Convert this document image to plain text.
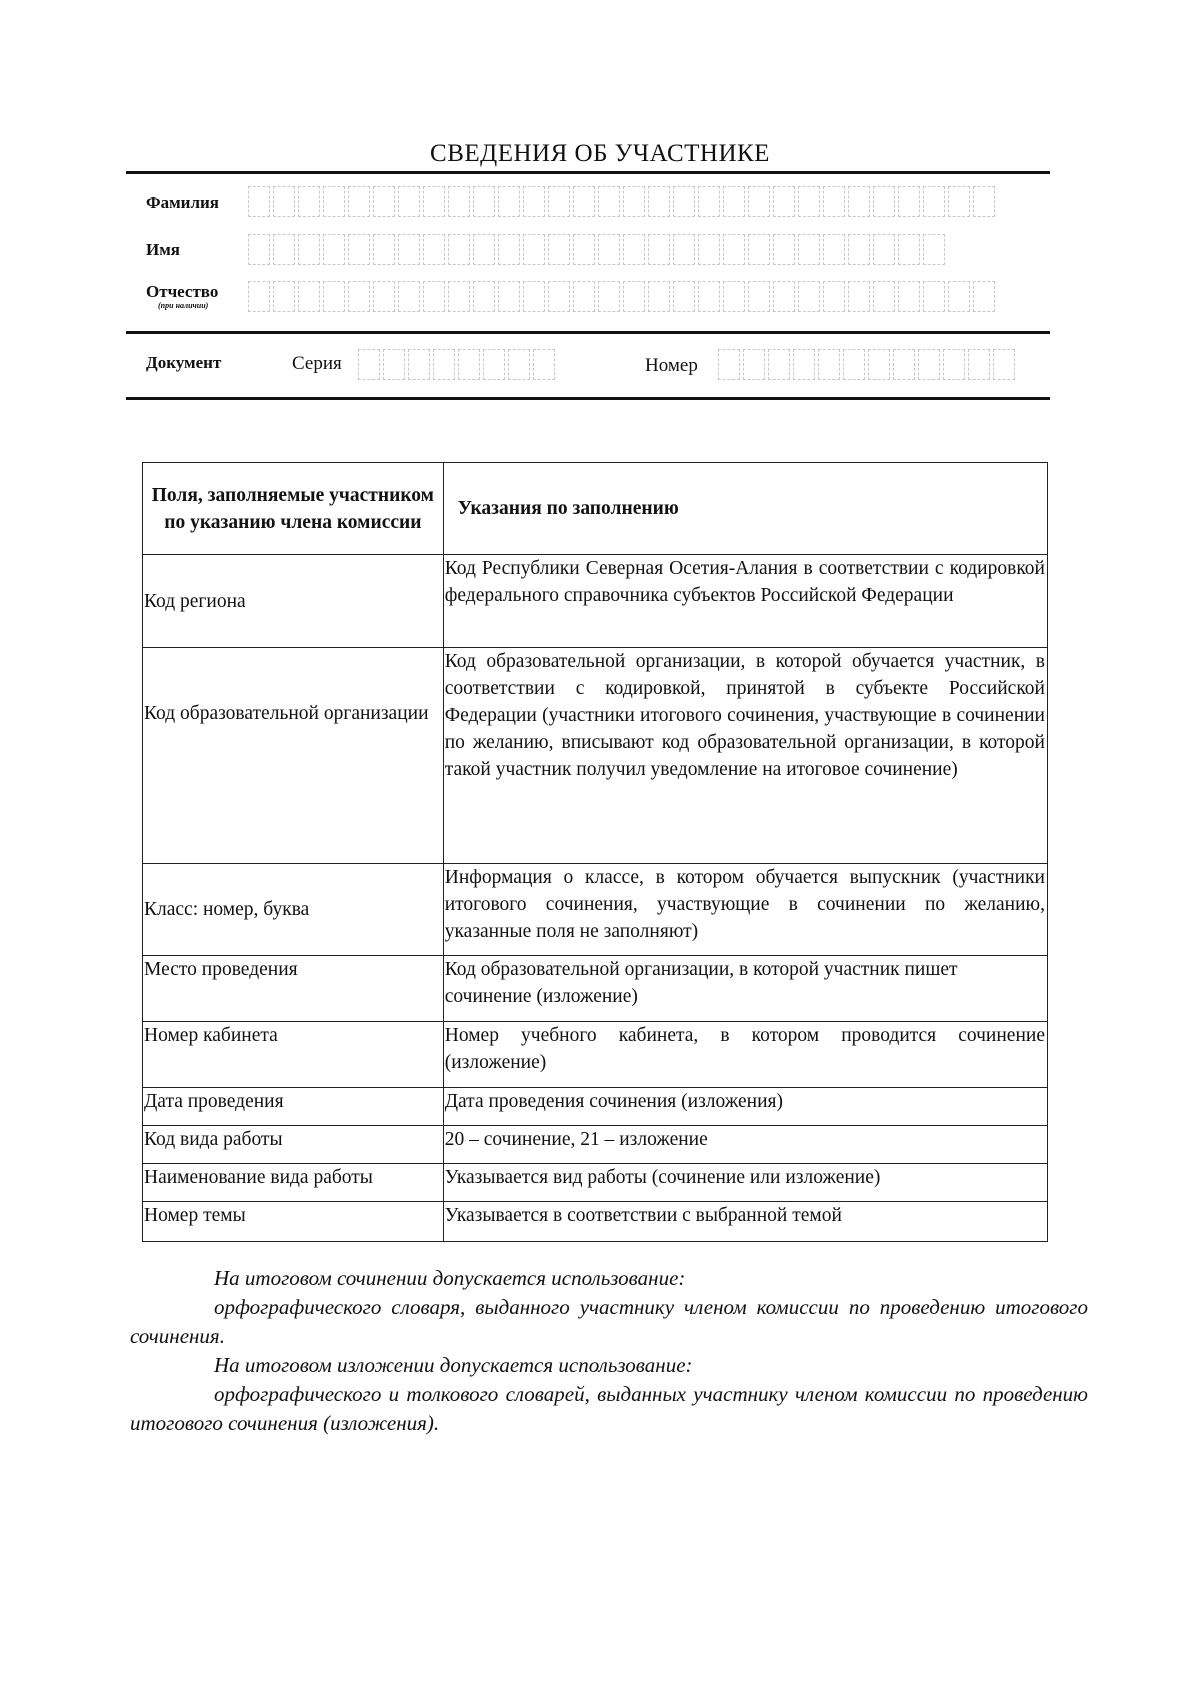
СВЕДЕНИЯ ОБ УЧАСТНИКЕ
Фамилия
Имя
Отчество
(при наличии)
Документ	Серия	Номер
Поля, заполняемые участником по указанию члена комиссии	Указания по заполнению
Код региона	Код Республики Северная Осетия-Алания в соответствии с кодировкой федерального справочника субъектов Российской Федерации
Код образовательной организации	Код образовательной организации, в которой обучается участник, в соответствии с кодировкой, принятой в субъекте Российской Федерации (участники итогового сочинения, участвующие в сочинении по желанию, вписывают код образовательной организации, в которой такой участник получил уведомление на итоговое сочинение)
Класс: номер, буква	Информация о классе, в котором обучается выпускник (участники итогового сочинения, участвующие в сочинении по желанию, указанные поля не заполняют)
Место проведения	Код образовательной организации, в которой участник пишет сочинение (изложение)
Номер кабинета	Номер учебного кабинета, в котором проводится сочинение (изложение)
Дата проведения	Дата проведения сочинения (изложения)
Код вида работы	20 – сочинение, 21 – изложение
Наименование вида работы	Указывается вид работы (сочинение или изложение)
Номер темы	Указывается в соответствии с выбранной темой

На итоговом сочинении допускается использование:

орфографического словаря, выданного участнику членом комиссии по проведению итогового сочинения.

На итоговом изложении допускается использование:

орфографического и толкового словарей, выданных участнику членом комиссии по проведению итогового сочинения (изложения).
